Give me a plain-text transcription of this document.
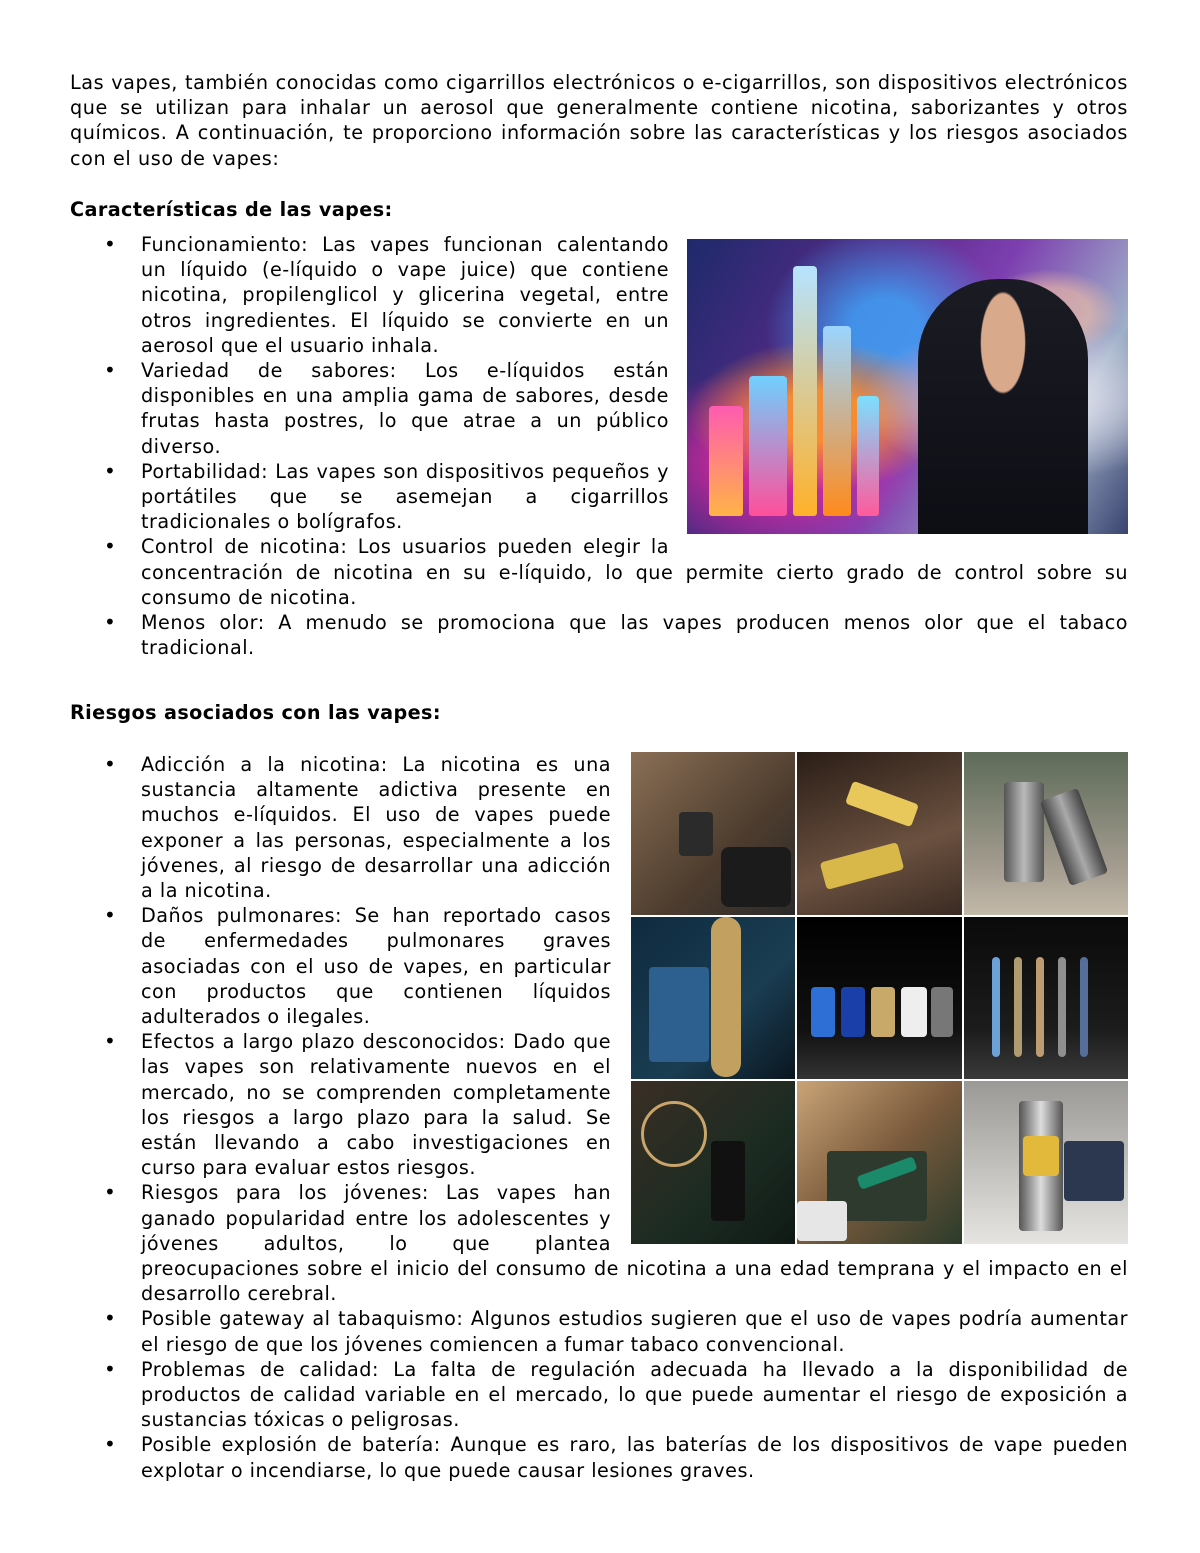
Las vapes, también conocidas como cigarrillos electrónicos o e-cigarrillos, son dispositivos electrónicos que se utilizan para inhalar un aerosol que generalmente contiene nicotina, saborizantes y otros químicos. A continuación, te proporciono información sobre las características y los riesgos asociados con el uso de vapes:

Características de las vapes:
• Funcionamiento: Las vapes funcionan calentando un líquido (e-líquido o vape juice) que contiene nicotina, propilenglicol y glicerina vegetal, entre otros ingredientes. El líquido se convierte en un aerosol que el usuario inhala.
• Variedad de sabores: Los e-líquidos están disponibles en una amplia gama de sabores, desde frutas hasta postres, lo que atrae a un público diverso.
• Portabilidad: Las vapes son dispositivos pequeños y portátiles que se asemejan a cigarrillos tradicionales o bolígrafos.
• Control de nicotina: Los usuarios pueden elegir la concentración de nicotina en su e-líquido, lo que permite cierto grado de control sobre su consumo de nicotina.
• Menos olor: A menudo se promociona que las vapes producen menos olor que el tabaco tradicional.
Riesgos asociados con las vapes:
• Adicción a la nicotina: La nicotina es una sustancia altamente adictiva presente en muchos e-líquidos. El uso de vapes puede exponer a las personas, especialmente a los jóvenes, al riesgo de desarrollar una adicción a la nicotina.
• Daños pulmonares: Se han reportado casos de enfermedades pulmonares graves asociadas con el uso de vapes, en particular con productos que contienen líquidos adulterados o ilegales.
• Efectos a largo plazo desconocidos: Dado que las vapes son relativamente nuevos en el mercado, no se comprenden completamente los riesgos a largo plazo para la salud. Se están llevando a cabo investigaciones en curso para evaluar estos riesgos.
• Riesgos para los jóvenes: Las vapes han ganado popularidad entre los adolescentes y jóvenes adultos, lo que plantea preocupaciones sobre el inicio del consumo de nicotina a una edad temprana y el impacto en el desarrollo cerebral.
• Posible gateway al tabaquismo: Algunos estudios sugieren que el uso de vapes podría aumentar el riesgo de que los jóvenes comiencen a fumar tabaco convencional.
• Problemas de calidad: La falta de regulación adecuada ha llevado a la disponibilidad de productos de calidad variable en el mercado, lo que puede aumentar el riesgo de exposición a sustancias tóxicas o peligrosas.
• Posible explosión de batería: Aunque es raro, las baterías de los dispositivos de vape pueden explotar o incendiarse, lo que puede causar lesiones graves.
